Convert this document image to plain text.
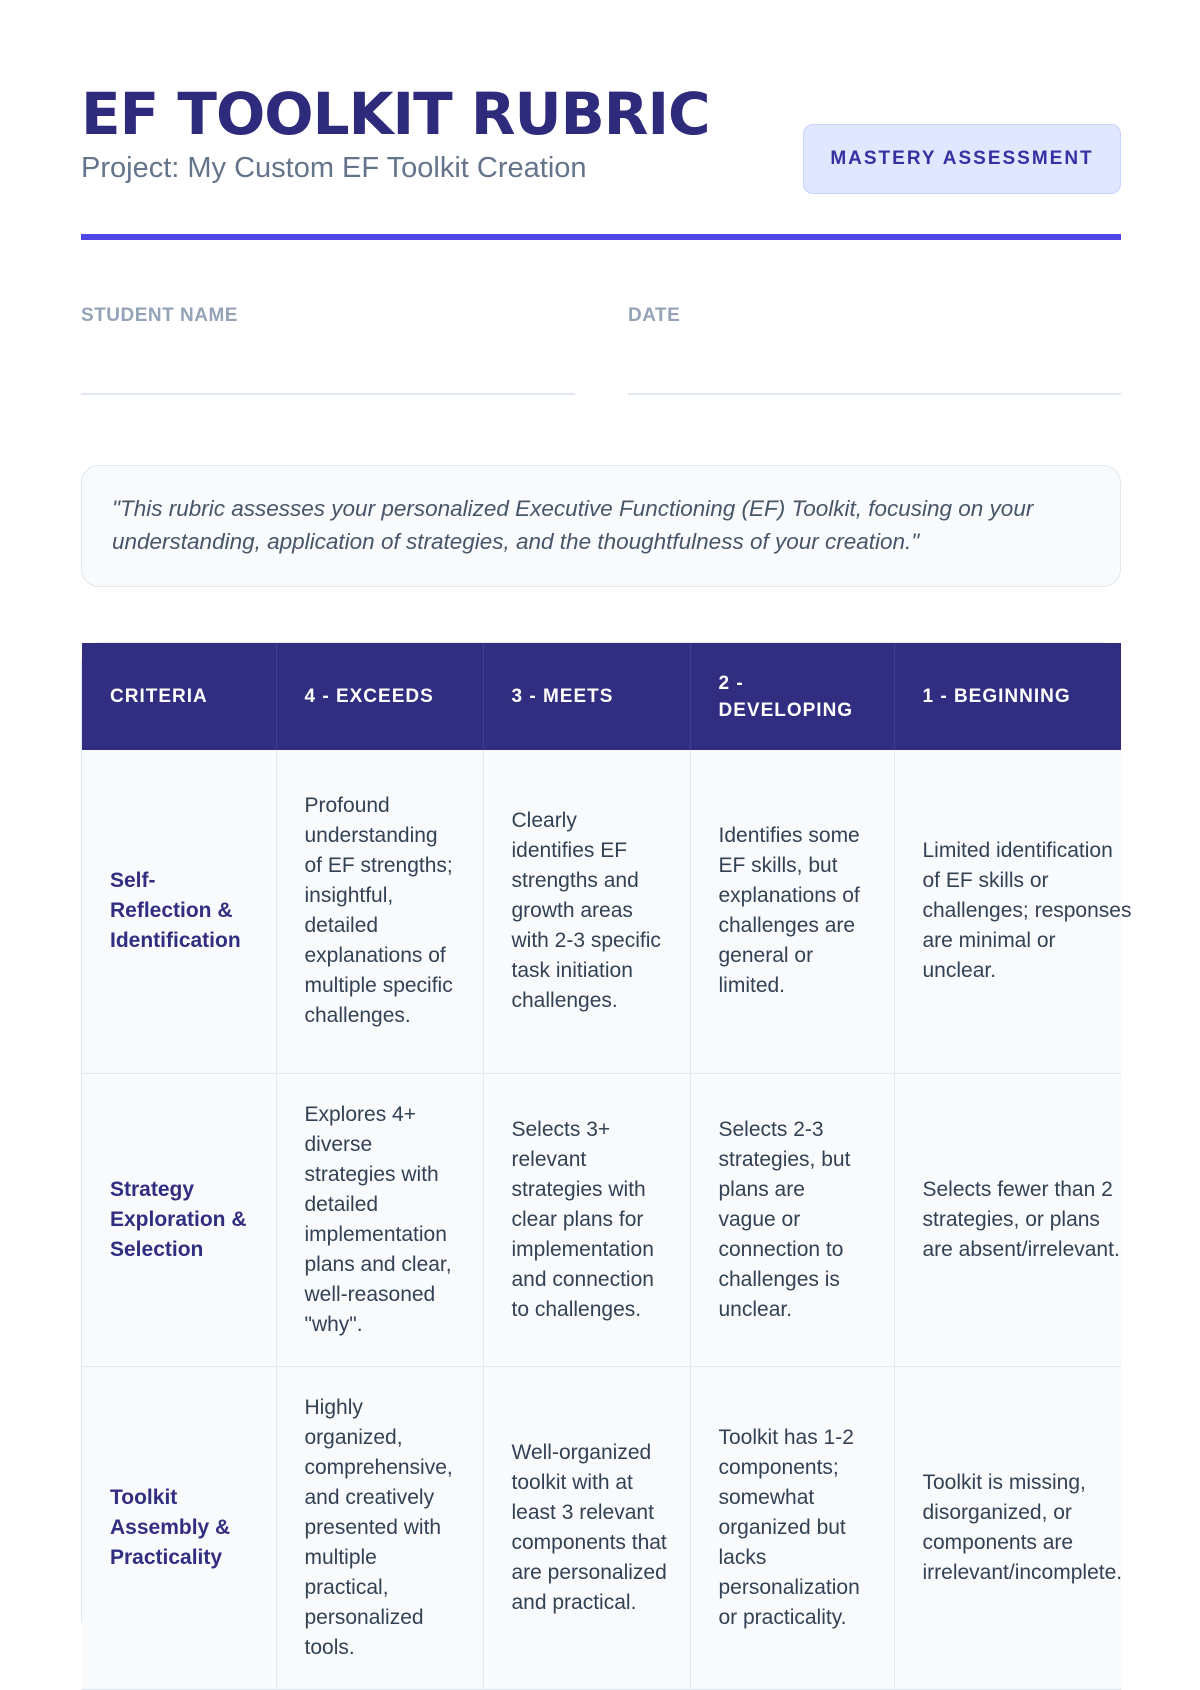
EF TOOLKIT RUBRIC
Project: My Custom EF Toolkit Creation	MASTERY ASSESSMENT
STUDENT NAME	DATE
"This rubric assesses your personalized Executive Functioning (EF) Toolkit, focusing on your understanding, application of strategies, and the thoughtfulness of your creation."
CRITERIA	4 - EXCEEDS	3 - MEETS	2 - DEVELOPING	1 - BEGINNING

Self-Reflection & Identification	Profound understanding of EF strengths; insightful, detailed explanations of multiple specific challenges.	Clearly identifies EF strengths and growth areas with 2-3 specific task initiation challenges.	Identifies some EF skills, but explanations of challenges are general or limited.	Limited identification of EF skills or challenges; responses are minimal or unclear.

Strategy Exploration & Selection	Explores 4+ diverse strategies with detailed implementation plans and clear, well-reasoned "why".	Selects 3+ relevant strategies with clear plans for implementation and connection to challenges.	Selects 2-3 strategies, but plans are vague or connection to challenges is unclear.	Selects fewer than 2 strategies, or plans are absent/irrelevant.

Toolkit Assembly & Practicality	Highly organized, comprehensive, and creatively presented with multiple practical, personalized tools.	Well-organized toolkit with at least 3 relevant components that are personalized and practical.	Toolkit has 1-2 components; somewhat organized but lacks personalization or practicality.	Toolkit is missing, disorganized, or components are irrelevant/incomplete.
